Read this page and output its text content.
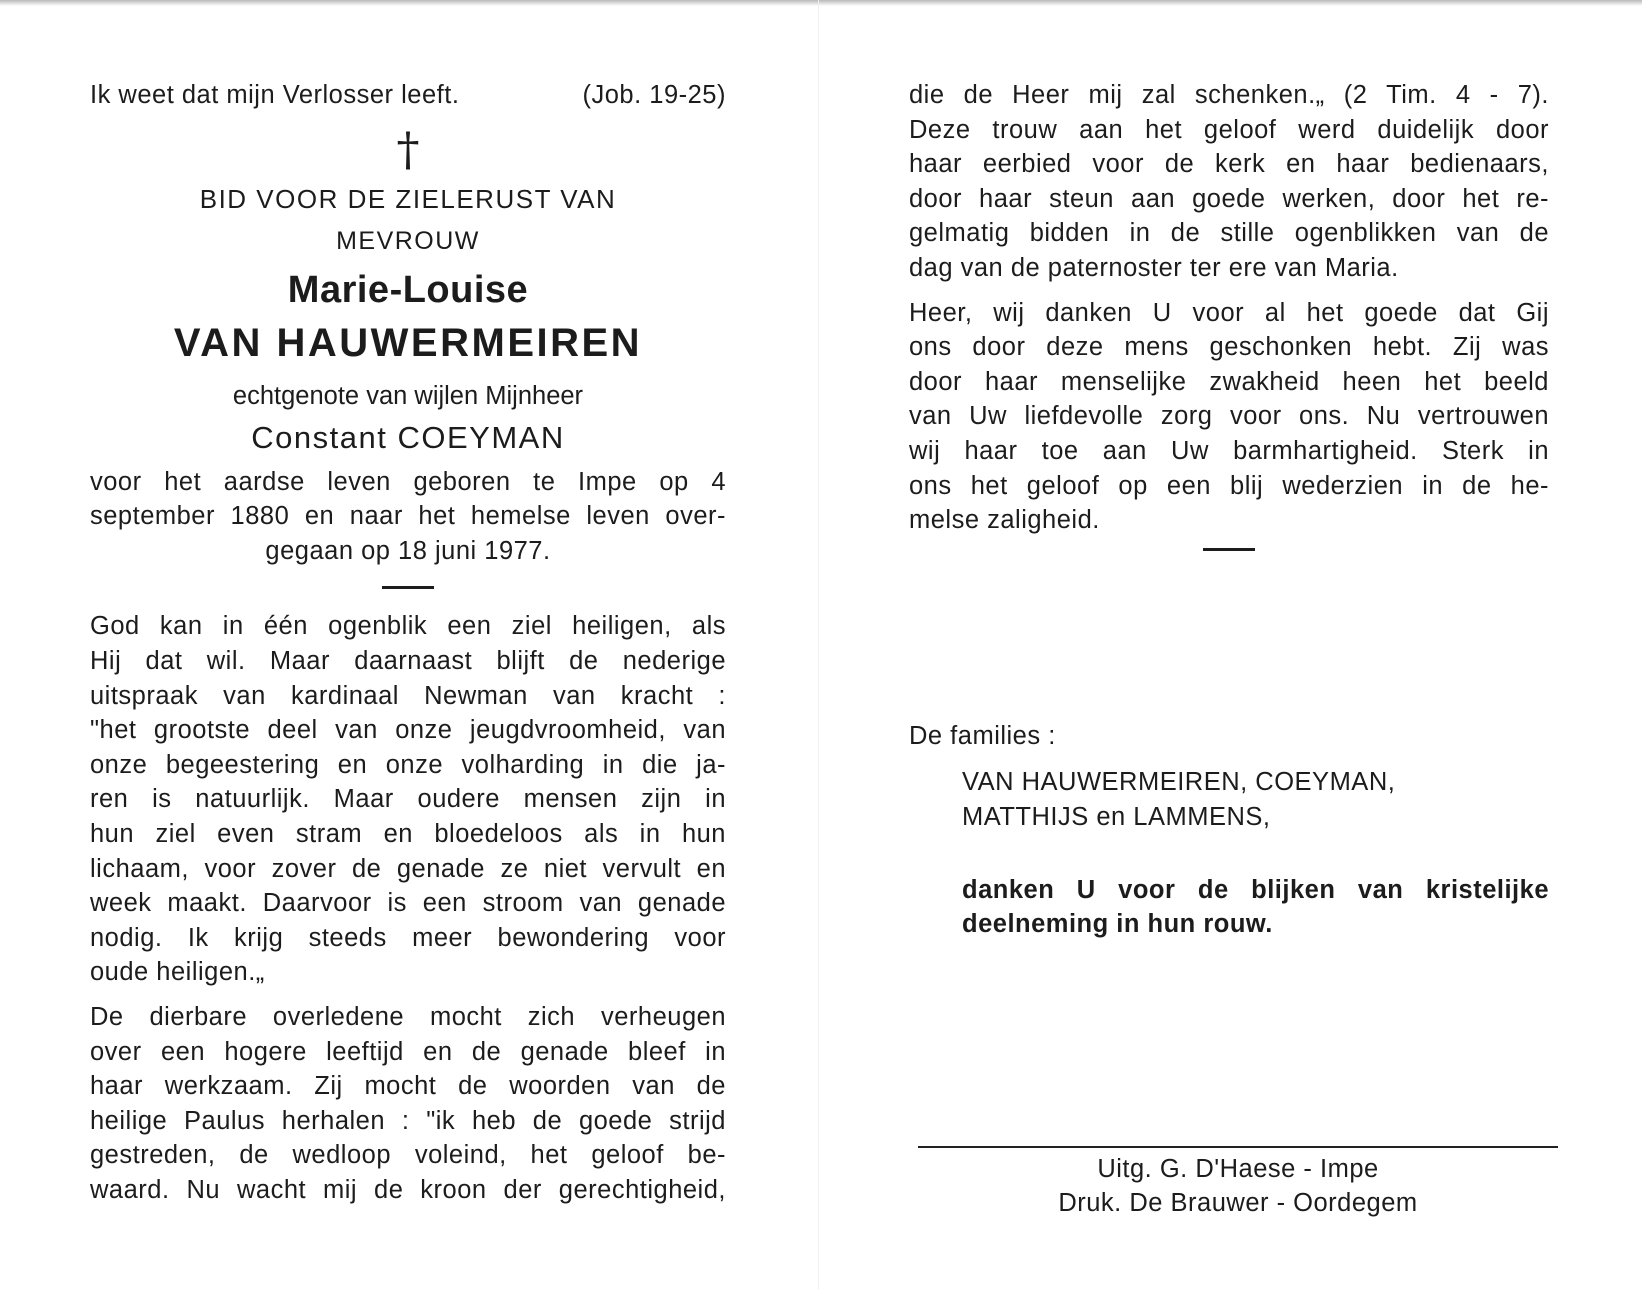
Ik weet dat mijn Verlosser leeft.	(Job. 19-25)

†

BID VOOR DE ZIELERUST VAN

MEVROUW

Marie-Louise

VAN HAUWERMEIREN

echtgenote van wijlen Mijnheer

Constant COEYMAN

voor het aardse leven geboren te Impe op 4

september 1880 en naar het hemelse leven over-

gegaan op 18 juni 1977.

God kan in één ogenblik een ziel heiligen, als

Hij dat wil. Maar daarnaast blijft de nederige

uitspraak van kardinaal Newman van kracht :

"het grootste deel van onze jeugdvroomheid, van

onze begeestering en onze volharding in die ja-

ren is natuurlijk. Maar oudere mensen zijn in

hun ziel even stram en bloedeloos als in hun

lichaam, voor zover de genade ze niet vervult en

week maakt. Daarvoor is een stroom van genade

nodig. Ik krijg steeds meer bewondering voor

oude heiligen.„

De dierbare overledene mocht zich verheugen

over een hogere leeftijd en de genade bleef in

haar werkzaam. Zij mocht de woorden van de

heilige Paulus herhalen : "ik heb de goede strijd

gestreden, de wedloop voleind, het geloof be-

waard. Nu wacht mij de kroon der gerechtigheid,

die de Heer mij zal schenken.„ (2 Tim. 4 - 7).

Deze trouw aan het geloof werd duidelijk door

haar eerbied voor de kerk en haar bedienaars,

door haar steun aan goede werken, door het re-

gelmatig bidden in de stille ogenblikken van de

dag van de paternoster ter ere van Maria.

Heer, wij danken U voor al het goede dat Gij

ons door deze mens geschonken hebt. Zij was

door haar menselijke zwakheid heen het beeld

van Uw liefdevolle zorg voor ons. Nu vertrouwen

wij haar toe aan Uw barmhartigheid. Sterk in

ons het geloof op een blij wederzien in de he-

melse zaligheid.

De families :

VAN HAUWERMEIREN, COEYMAN,

MATTHIJS en LAMMENS,

danken U voor de blijken van kristelijke

deelneming in hun rouw.

Uitg. G. D'Haese - Impe
Druk. De Brauwer - Oordegem
